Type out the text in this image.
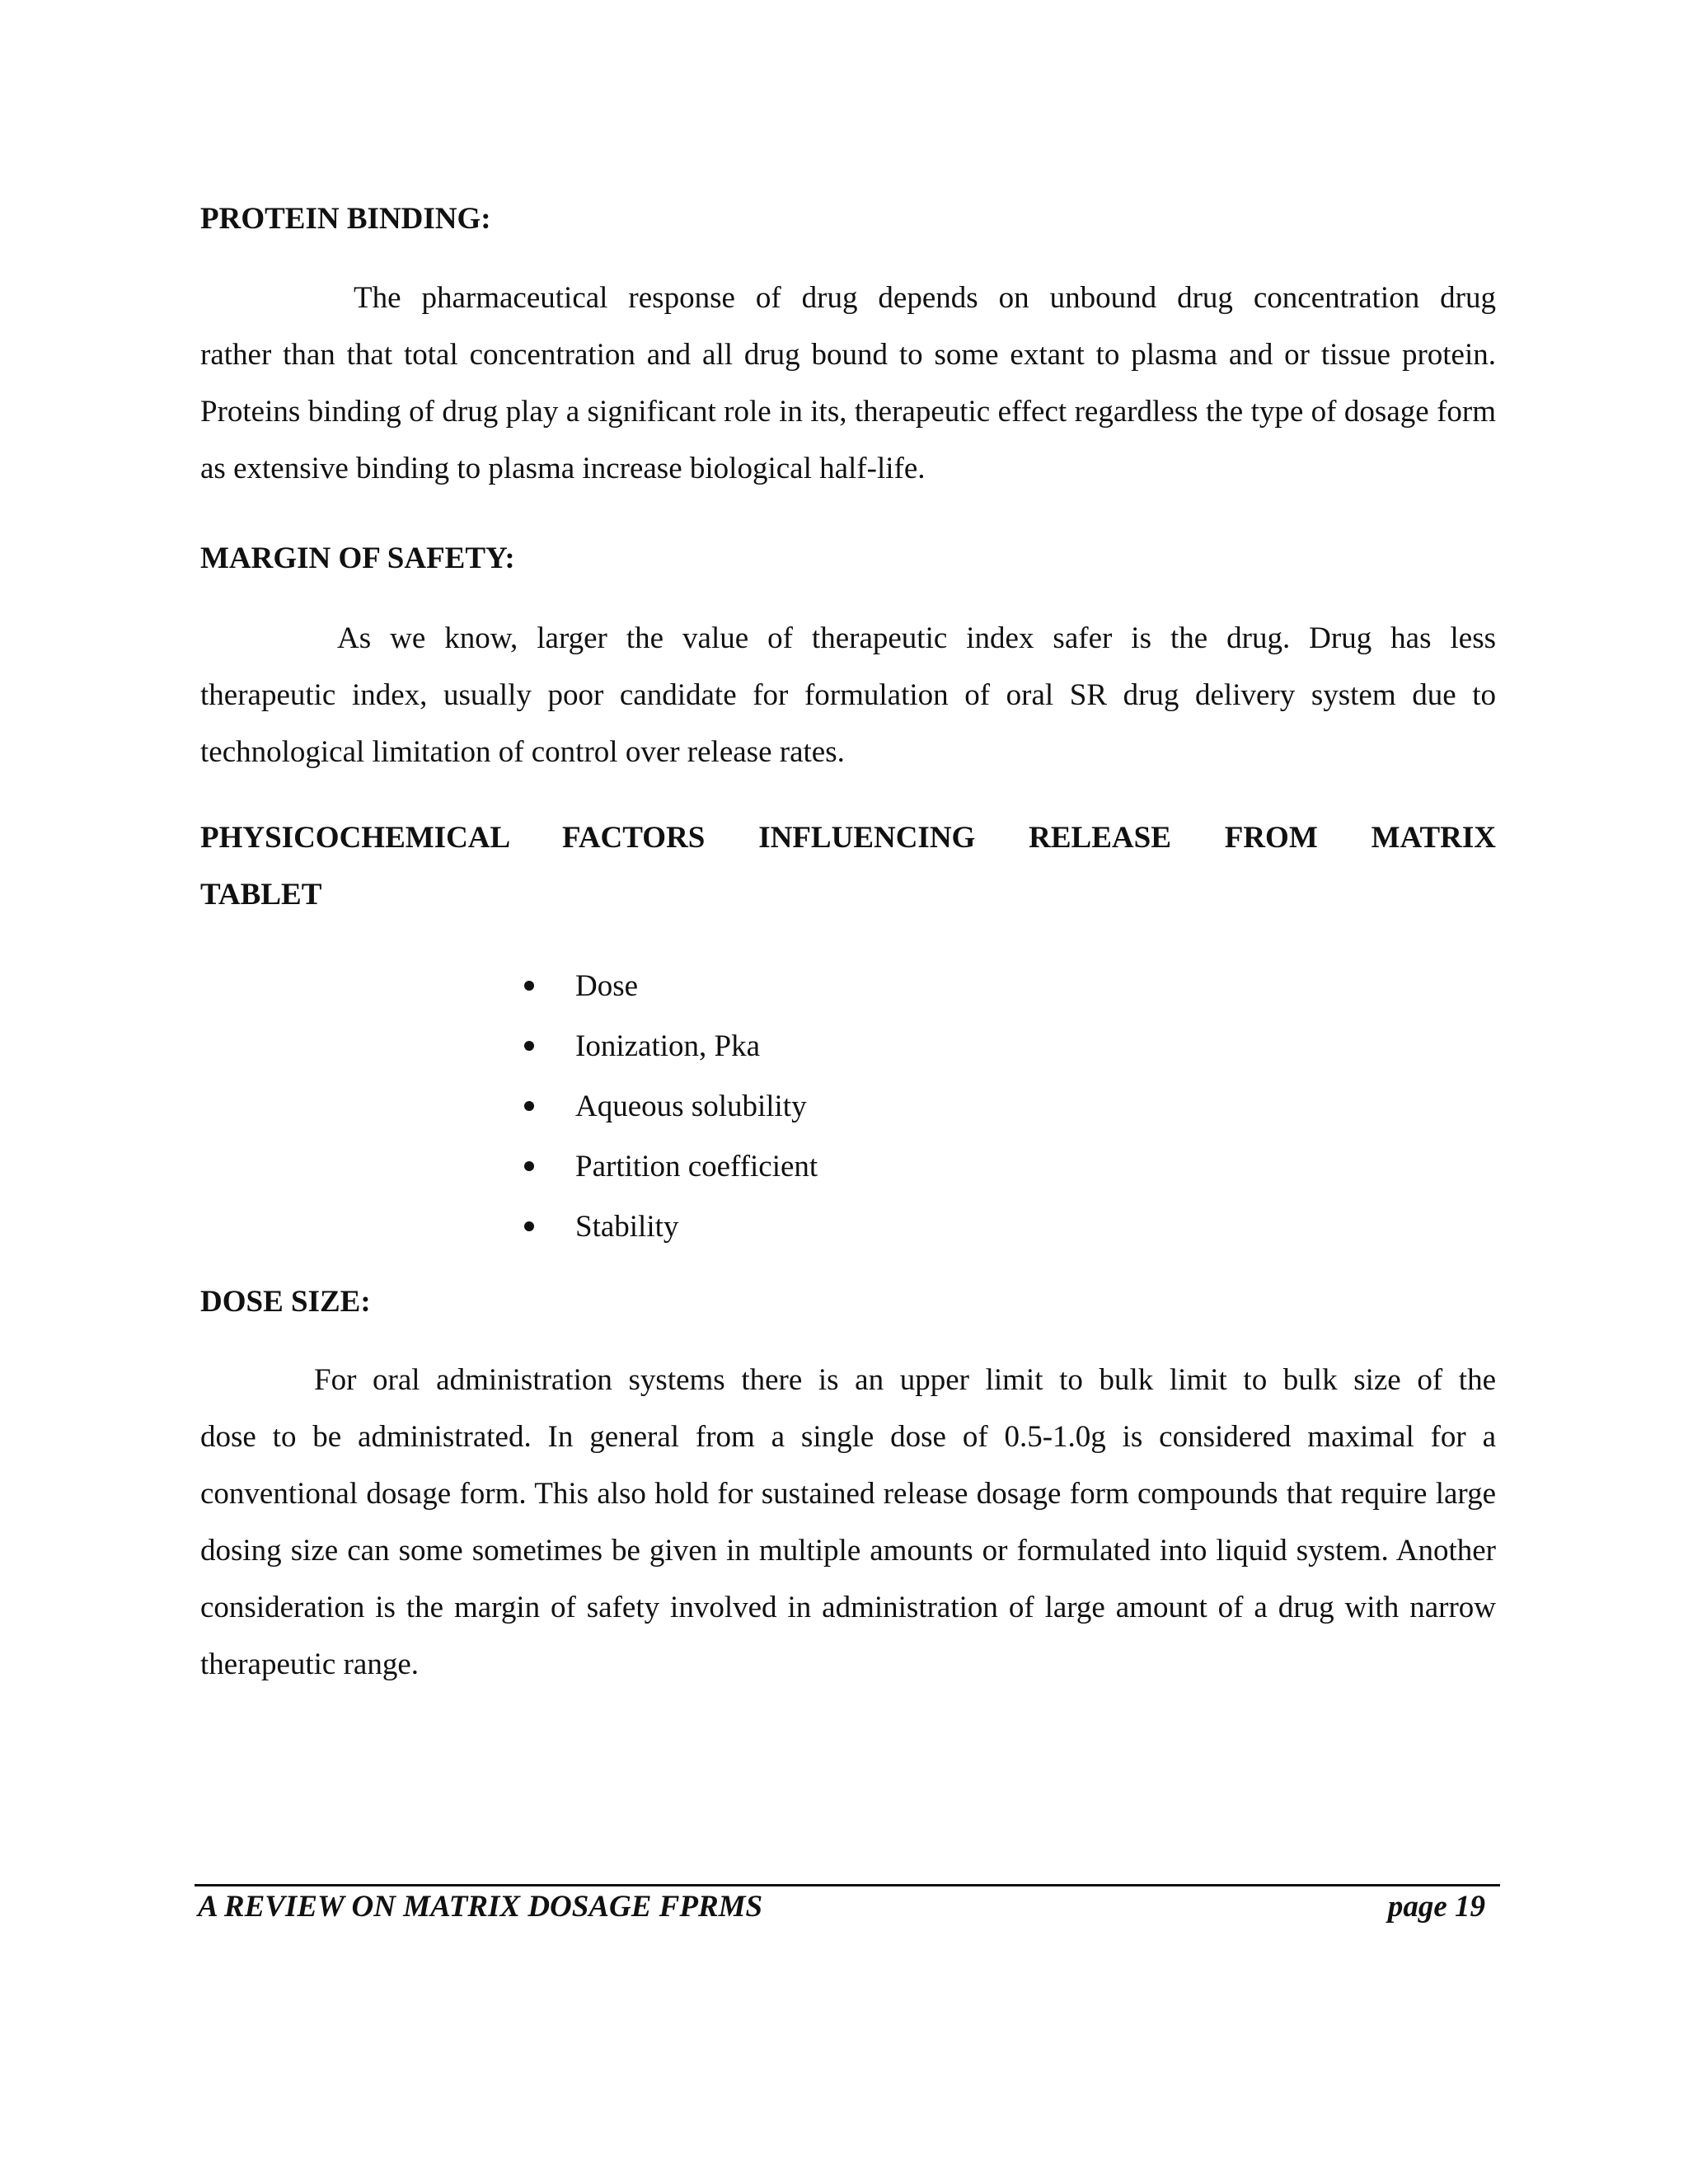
PROTEIN BINDING:
The pharmaceutical response of drug depends on unbound drug concentration drug
rather than that total concentration and all drug bound to some extant to plasma and or tissue protein. Proteins binding of drug play a significant role in its, therapeutic effect regardless the type of dosage form as extensive binding to plasma increase biological half-life.
MARGIN OF SAFETY:
As we know, larger the value of therapeutic index safer is the drug. Drug has less
therapeutic index, usually poor candidate for formulation of oral SR drug delivery system due to technological limitation of control over release rates.
PHYSICOCHEMICAL FACTORS INFLUENCING RELEASE FROM MATRIX
TABLET
Dose
Ionization, Pka
Aqueous solubility
Partition coefficient
Stability
DOSE SIZE:
For oral administration systems there is an upper limit to bulk limit to bulk size of the
dose to be administrated. In general from a single dose of 0.5-1.0g is considered maximal for a conventional dosage form. This also hold for sustained release dosage form compounds that require large dosing size can some sometimes be given in multiple amounts or formulated into liquid system. Another consideration is the margin of safety involved in administration of large amount of a drug with narrow therapeutic range.
A REVIEW ON MATRIX DOSAGE FPRMS	page 19
